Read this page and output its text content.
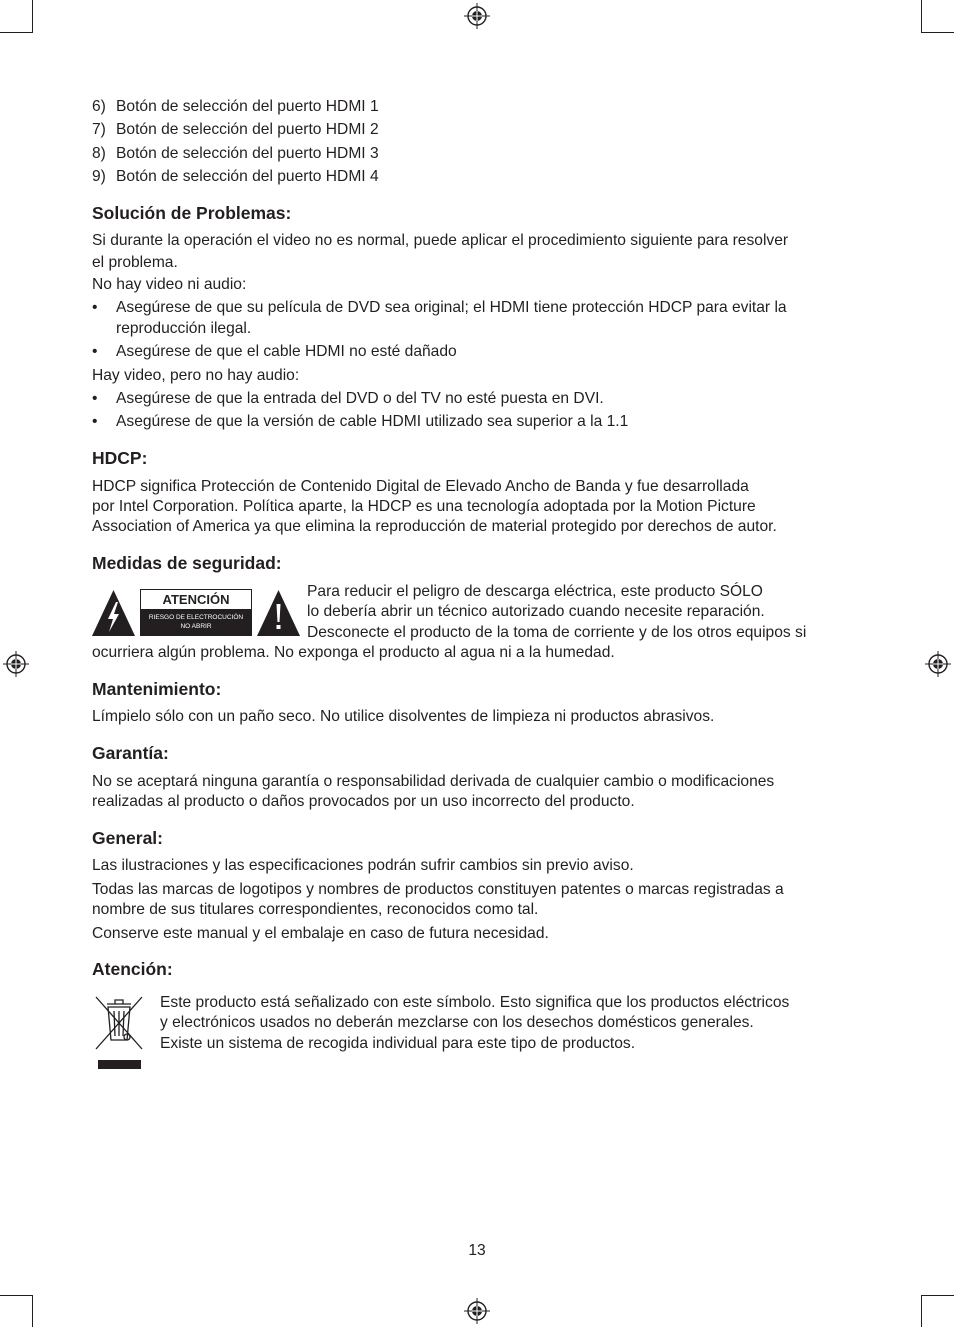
6) Botón de selección del puerto HDMI 1
7) Botón de selección del puerto HDMI 2
8) Botón de selección del puerto HDMI 3
9) Botón de selección del puerto HDMI 4
Solución de Problemas:
Si durante la operación el video no es normal, puede aplicar el procedimiento siguiente para resolver
el problema.
No hay video ni audio:
• Asegúrese de que su película de DVD sea original; el HDMI tiene protección HDCP para evitar la
reproducción ilegal.
• Asegúrese de que el cable HDMI no esté dañado
Hay video, pero no hay audio:
• Asegúrese de que la entrada del DVD o del TV no esté puesta en DVI.
• Asegúrese de que la versión de cable HDMI utilizado sea superior a la 1.1
HDCP:
HDCP significa Protección de Contenido Digital de Elevado Ancho de Banda y fue desarrollada
por Intel Corporation. Política aparte, la HDCP es una tecnología adoptada por la Motion Picture
Association of America ya que elimina la reproducción de material protegido por derechos de autor.
Medidas de seguridad:
ATENCIÓN
RIESGO DE ELECTROCUCIÓN
NO ABRIR
Para reducir el peligro de descarga eléctrica, este producto SÓLO
lo debería abrir un técnico autorizado cuando necesite reparación.
Desconecte el producto de la toma de corriente y de los otros equipos si
ocurriera algún problema. No exponga el producto al agua ni a la humedad.
Mantenimiento:
Límpielo sólo con un paño seco. No utilice disolventes de limpieza ni productos abrasivos.
Garantía:
No se aceptará ninguna garantía o responsabilidad derivada de cualquier cambio o modificaciones
realizadas al producto o daños provocados por un uso incorrecto del producto.
General:
Las ilustraciones y las especificaciones podrán sufrir cambios sin previo aviso.
Todas las marcas de logotipos y nombres de productos constituyen patentes o marcas registradas a
nombre de sus titulares correspondientes, reconocidos como tal.
Conserve este manual y el embalaje en caso de futura necesidad.
Atención:
Este producto está señalizado con este símbolo. Esto significa que los productos eléctricos
y electrónicos usados no deberán mezclarse con los desechos domésticos generales.
Existe un sistema de recogida individual para este tipo de productos.
13
